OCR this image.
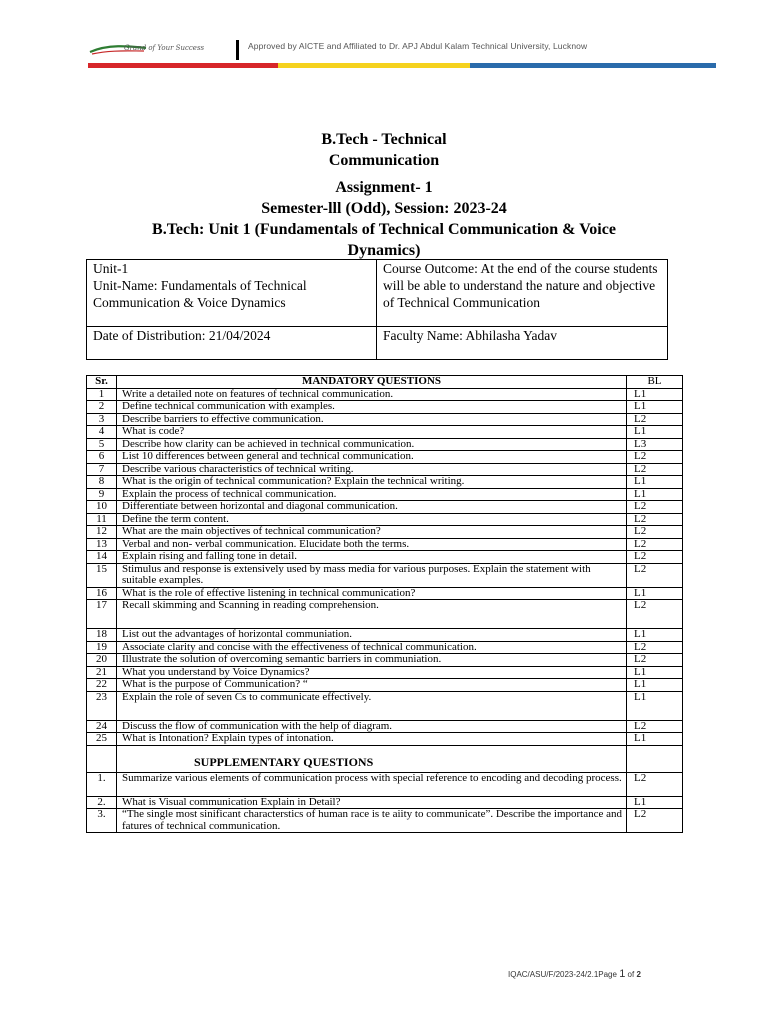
Grand of Your Success	Approved by AICTE and Affiliated to Dr. APJ Abdul Kalam Technical University, Lucknow
B.Tech - Technical
Communication
Assignment- 1
Semester-lll (Odd), Session: 2023-24
B.Tech: Unit 1 (Fundamentals of Technical Communication & Voice
Dynamics)
Unit-1
Unit-Name: Fundamentals of Technical Communication & Voice Dynamics	Course Outcome: At the end of the course students will be able to understand the nature and objective of Technical Communication
Date of Distribution: 21/04/2024	Faculty Name: Abhilasha Yadav
Sr.	MANDATORY QUESTIONS	BL
1	Write a detailed note on features of technical communication.	L1
2	Define technical communication with examples.	L1
3	Describe barriers to effective communication.	L2
4	What is code?	L1
5	Describe how clarity can be achieved in technical communication.	L3
6	List 10 differences between general and technical communication.	L2
7	Describe various characteristics of technical writing.	L2
8	What is the origin of technical communication? Explain the technical writing.	L1
9	Explain the process of technical communication.	L1
10	Differentiate between horizontal and diagonal communication.	L2
11	Define the term content.	L2
12	What are the main objectives of technical communication?	L2
13	Verbal and non- verbal communication. Elucidate both the terms.	L2
14	Explain rising and falling tone in detail.	L2
15	Stimulus and response is extensively used by mass media for various purposes. Explain the statement with suitable examples.	L2
16	What is the role of effective listening in technical communication?	L1
17	Recall skimming and Scanning in reading comprehension.	L2
18	List out the advantages of horizontal communiation.	L1
19	Associate clarity and concise with the effectiveness of technical communication.	L2
20	Illustrate the solution of overcoming semantic barriers in communiation.	L2
21	What you understand by Voice Dynamics?	L1
22	What is the purpose of Communication? “	L1
23	Explain the role of seven Cs to communicate effectively.	L1
24	Discuss the flow of communication with the help of diagram.	L2
25	What is Intonation? Explain types of intonation.	L1
	SUPPLEMENTARY QUESTIONS	
1.	Summarize various elements of communication process with special reference to encoding and decoding process.	L2
2.	What is Visual communication Explain in Detail?	L1
3.	“The single most sinificant characterstics of human race is te aiity to communicate”. Describe the importance and fatures of technical communication.	L2
IQAC/ASU/F/2023-24/2.1Page 1 of 2
